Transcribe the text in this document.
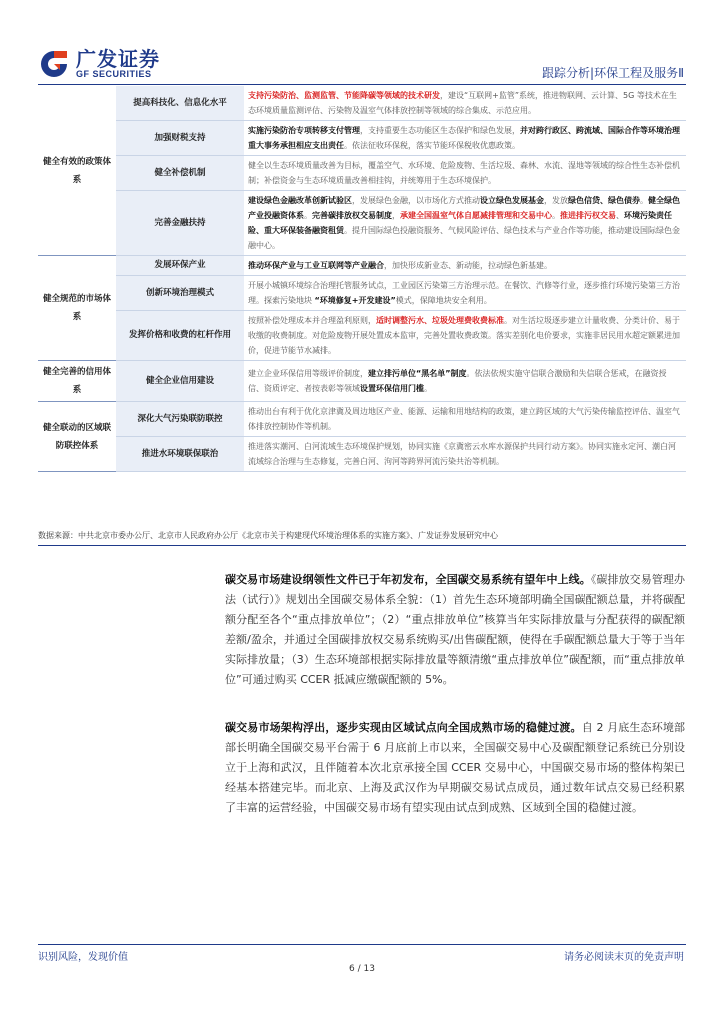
广发证券
GF SECURITIES	跟踪分析|环保工程及服务Ⅱ
健全有效的政策体系	提高科技化、信息化水平	支持污染防治、监测监管、节能降碳等领域的技术研发，建设“互联网+监管”系统，推进物联网、云计算、5G 等技术在生态环境质量监测评估、污染物及温室气体排放控制等领域的综合集成、示范应用。
	加强财税支持	实施污染防治专项转移支付管理，支持重要生态功能区生态保护和绿色发展，并对跨行政区、跨流域、国际合作等环境治理重大事务承担相应支出责任。依法征收环保税，落实节能环保税收优惠政策。
	健全补偿机制	健全以生态环境质量改善为目标，覆盖空气、水环境、危险废物、生活垃圾、森林、水流、湿地等领域的综合性生态补偿机制；补偿资金与生态环境质量改善相挂钩，并统筹用于生态环境保护。
	完善金融扶持	建设绿色金融改革创新试验区，发展绿色金融，以市场化方式推动设立绿色发展基金，发放绿色信贷、绿色债券。健全绿色产业投融资体系。完善碳排放权交易制度，承建全国温室气体自愿减排管理和交易中心。推进排污权交易、环境污染责任险、重大环保装备融资租赁。提升国际绿色投融资服务、气候风险评估、绿色技术与产业合作等功能，推动建设国际绿色金融中心。
健全规范的市场体系	发展环保产业	推动环保产业与工业互联网等产业融合，加快形成新业态、新动能，拉动绿色新基建。
	创新环境治理模式	开展小城镇环境综合治理托管服务试点，工业园区污染第三方治理示范。在餐饮、汽修等行业，逐步推行环境污染第三方治理。探索污染地块 “环境修复+开发建设”模式，保障地块安全利用。
	发挥价格和收费的杠杆作用	按照补偿处理成本并合理盈利原则，适时调整污水、垃圾处理费收费标准。对生活垃圾逐步建立计量收费、分类计价、易于收缴的收费制度。对危险废物开展处置成本监审，完善处置收费政策。落实差别化电价要求，实施非居民用水超定额累进加价，促进节能节水减排。
健全完善的信用体系	健全企业信用建设	建立企业环保信用等级评价制度，建立排污单位“黑名单”制度。依法依规实施守信联合激励和失信联合惩戒，在融资授信、资质评定、者按表彰等领域设置环保信用门槛。
健全联动的区域联防联控体系	深化大气污染联防联控	推动出台有利于优化京津冀及周边地区产业、能源、运输和用地结构的政策，建立跨区域的大气污染传输监控评估、温室气体排放控制协作等机制。
	推进水环境联保联治	推进落实潮河、白河流域生态环境保护规划，协同实施《京冀密云水库水源保护共同行动方案》。协同实施永定河、潮白河流域综合治理与生态修复，完善白河、泃河等跨界河流污染共治等机制。
数据来源：中共北京市委办公厅、北京市人民政府办公厅《北京市关于构建现代环境治理体系的实施方案》、广发证券发展研究中心
碳交易市场建设纲领性文件已于年初发布，全国碳交易系统有望年中上线。《碳排放交易管理办法（试行）》规划出全国碳交易体系全貌：（1）首先生态环境部明确全国碳配额总量，并将碳配额分配至各个“重点排放单位”；（2）“重点排放单位”核算当年实际排放量与分配获得的碳配额差额/盈余，并通过全国碳排放权交易系统购买/出售碳配额，使得在手碳配额总量大于等于当年实际排放量；（3）生态环境部根据实际排放量等额清缴“重点排放单位”碳配额，而“重点排放单位”可通过购买 CCER 抵减应缴碳配额的 5%。
碳交易市场架构浮出，逐步实现由区域试点向全国成熟市场的稳健过渡。自 2 月底生态环境部部长明确全国碳交易平台需于 6 月底前上市以来，全国碳交易中心及碳配额登记系统已分别设立于上海和武汉，且伴随着本次北京承接全国 CCER 交易中心，中国碳交易市场的整体构架已经基本搭建完毕。而北京、上海及武汉作为早期碳交易试点成员，通过数年试点交易已经积累了丰富的运营经验，中国碳交易市场有望实现由试点到成熟、区域到全国的稳健过渡。
识别风险，发现价值	请务必阅读末页的免责声明
6 / 13
